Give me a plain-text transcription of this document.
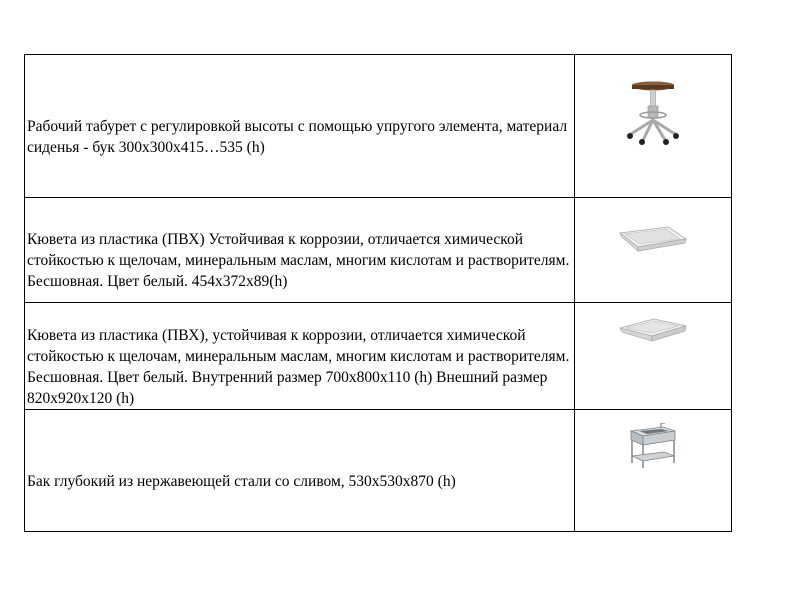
Рабочий табурет с регулировкой высоты с помощью упругого элемента, материал сиденья - бук 300х300х415…535 (h)

Кювета из пластика (ПВХ) Устойчивая к коррозии, отличается химической стойкостью к щелочам, минеральным маслам, многим кислотам и растворителям. Бесшовная. Цвет белый. 454х372х89(h)

Кювета из пластика (ПВХ), устойчивая к коррозии, отличается химической стойкостью к щелочам, минеральным маслам, многим кислотам и растворителям. Бесшовная. Цвет белый. Внутренний размер 700х800х110 (h) Внешний размер 820х920х120 (h)

Бак глубокий из нержавеющей стали со сливом, 530х530х870 (h)
